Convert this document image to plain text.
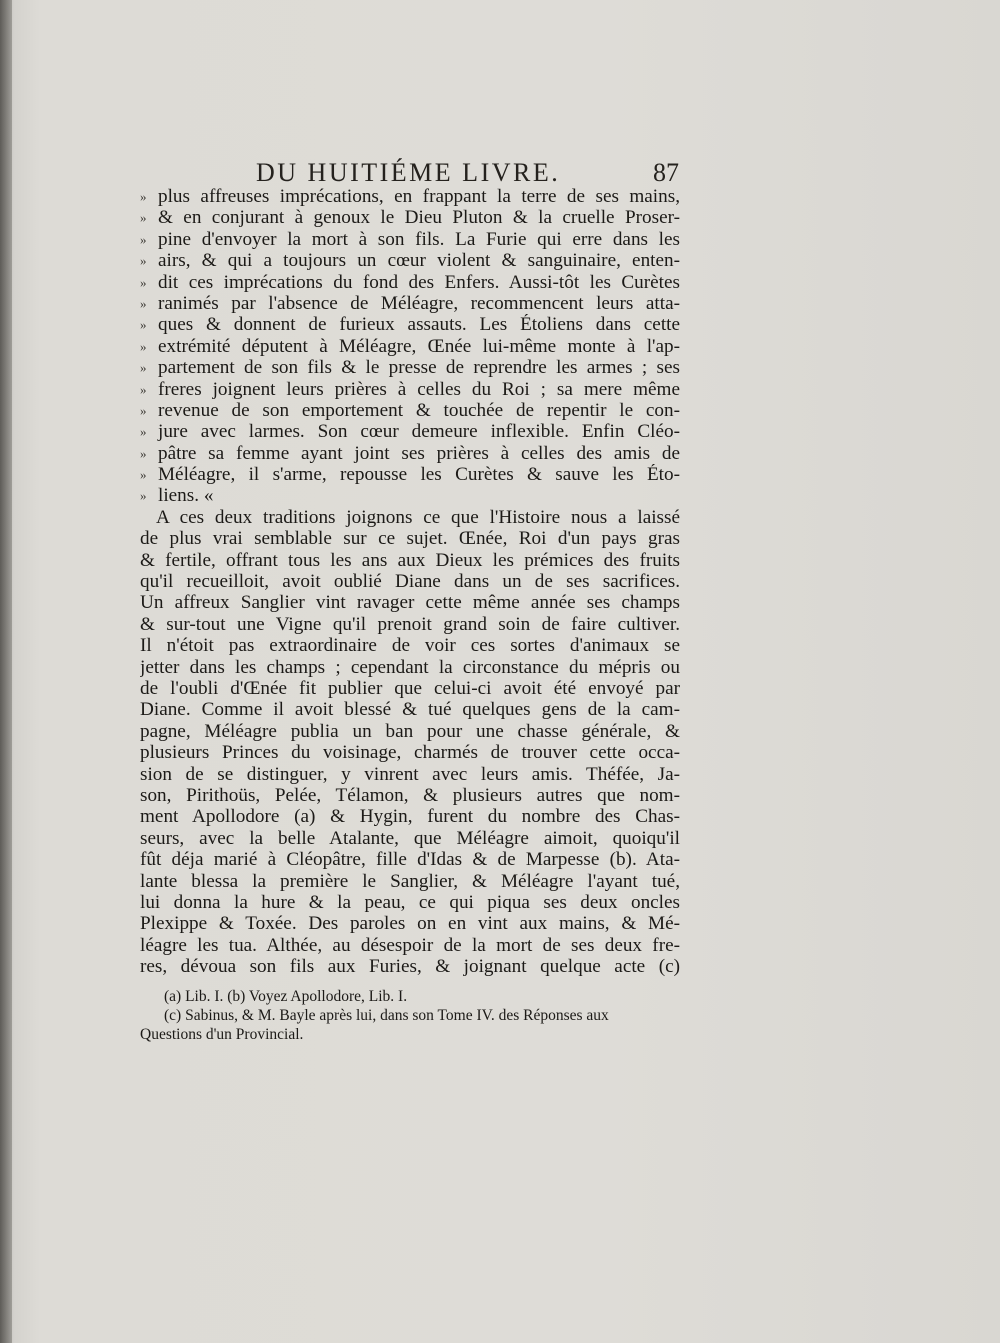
DU HUITIÉME LIVRE.	87
» plus affreuses imprécations, en frappant la terre de ses mains,
» & en conjurant à genoux le Dieu Pluton & la cruelle Proser-
» pine d'envoyer la mort à son fils. La Furie qui erre dans les
» airs, & qui a toujours un cœur violent & sanguinaire, enten-
» dit ces imprécations du fond des Enfers. Aussi-tôt les Curètes
» ranimés par l'absence de Méléagre, recommencent leurs atta-
» ques & donnent de furieux assauts. Les Étoliens dans cette
» extrémité députent à Méléagre, Œnée lui-même monte à l'ap-
» partement de son fils & le presse de reprendre les armes ; ses
» freres joignent leurs prières à celles du Roi ; sa mere même
» revenue de son emportement & touchée de repentir le con-
» jure avec larmes. Son cœur demeure inflexible. Enfin Cléo-
» pâtre sa femme ayant joint ses prières à celles des amis de
» Méléagre, il s'arme, repousse les Curètes & sauve les Éto-
» liens. «
A ces deux traditions joignons ce que l'Histoire nous a laissé
de plus vrai semblable sur ce sujet. Œnée, Roi d'un pays gras
& fertile, offrant tous les ans aux Dieux les prémices des fruits
qu'il recueilloit, avoit oublié Diane dans un de ses sacrifices.
Un affreux Sanglier vint ravager cette même année ses champs
& sur-tout une Vigne qu'il prenoit grand soin de faire cultiver.
Il n'étoit pas extraordinaire de voir ces sortes d'animaux se
jetter dans les champs ; cependant la circonstance du mépris ou
de l'oubli d'Œnée fit publier que celui-ci avoit été envoyé par
Diane. Comme il avoit blessé & tué quelques gens de la cam-
pagne, Méléagre publia un ban pour une chasse générale, &
plusieurs Princes du voisinage, charmés de trouver cette occa-
sion de se distinguer, y vinrent avec leurs amis. Théfée, Ja-
son, Pirithoüs, Pelée, Télamon, & plusieurs autres que nom-
ment Apollodore (a) & Hygin, furent du nombre des Chas-
seurs, avec la belle Atalante, que Méléagre aimoit, quoiqu'il
fût déja marié à Cléopâtre, fille d'Idas & de Marpesse (b). Ata-
lante blessa la première le Sanglier, & Méléagre l'ayant tué,
lui donna la hure & la peau, ce qui piqua ses deux oncles
Plexippe & Toxée. Des paroles on en vint aux mains, & Mé-
léagre les tua. Althée, au désespoir de la mort de ses deux fre-
res, dévoua son fils aux Furies, & joignant quelque acte (c)
(a) Lib. I. (b) Voyez Apollodore, Lib. I.
(c) Sabinus, & M. Bayle après lui, dans son Tome IV. des Réponses aux
Questions d'un Provincial.
